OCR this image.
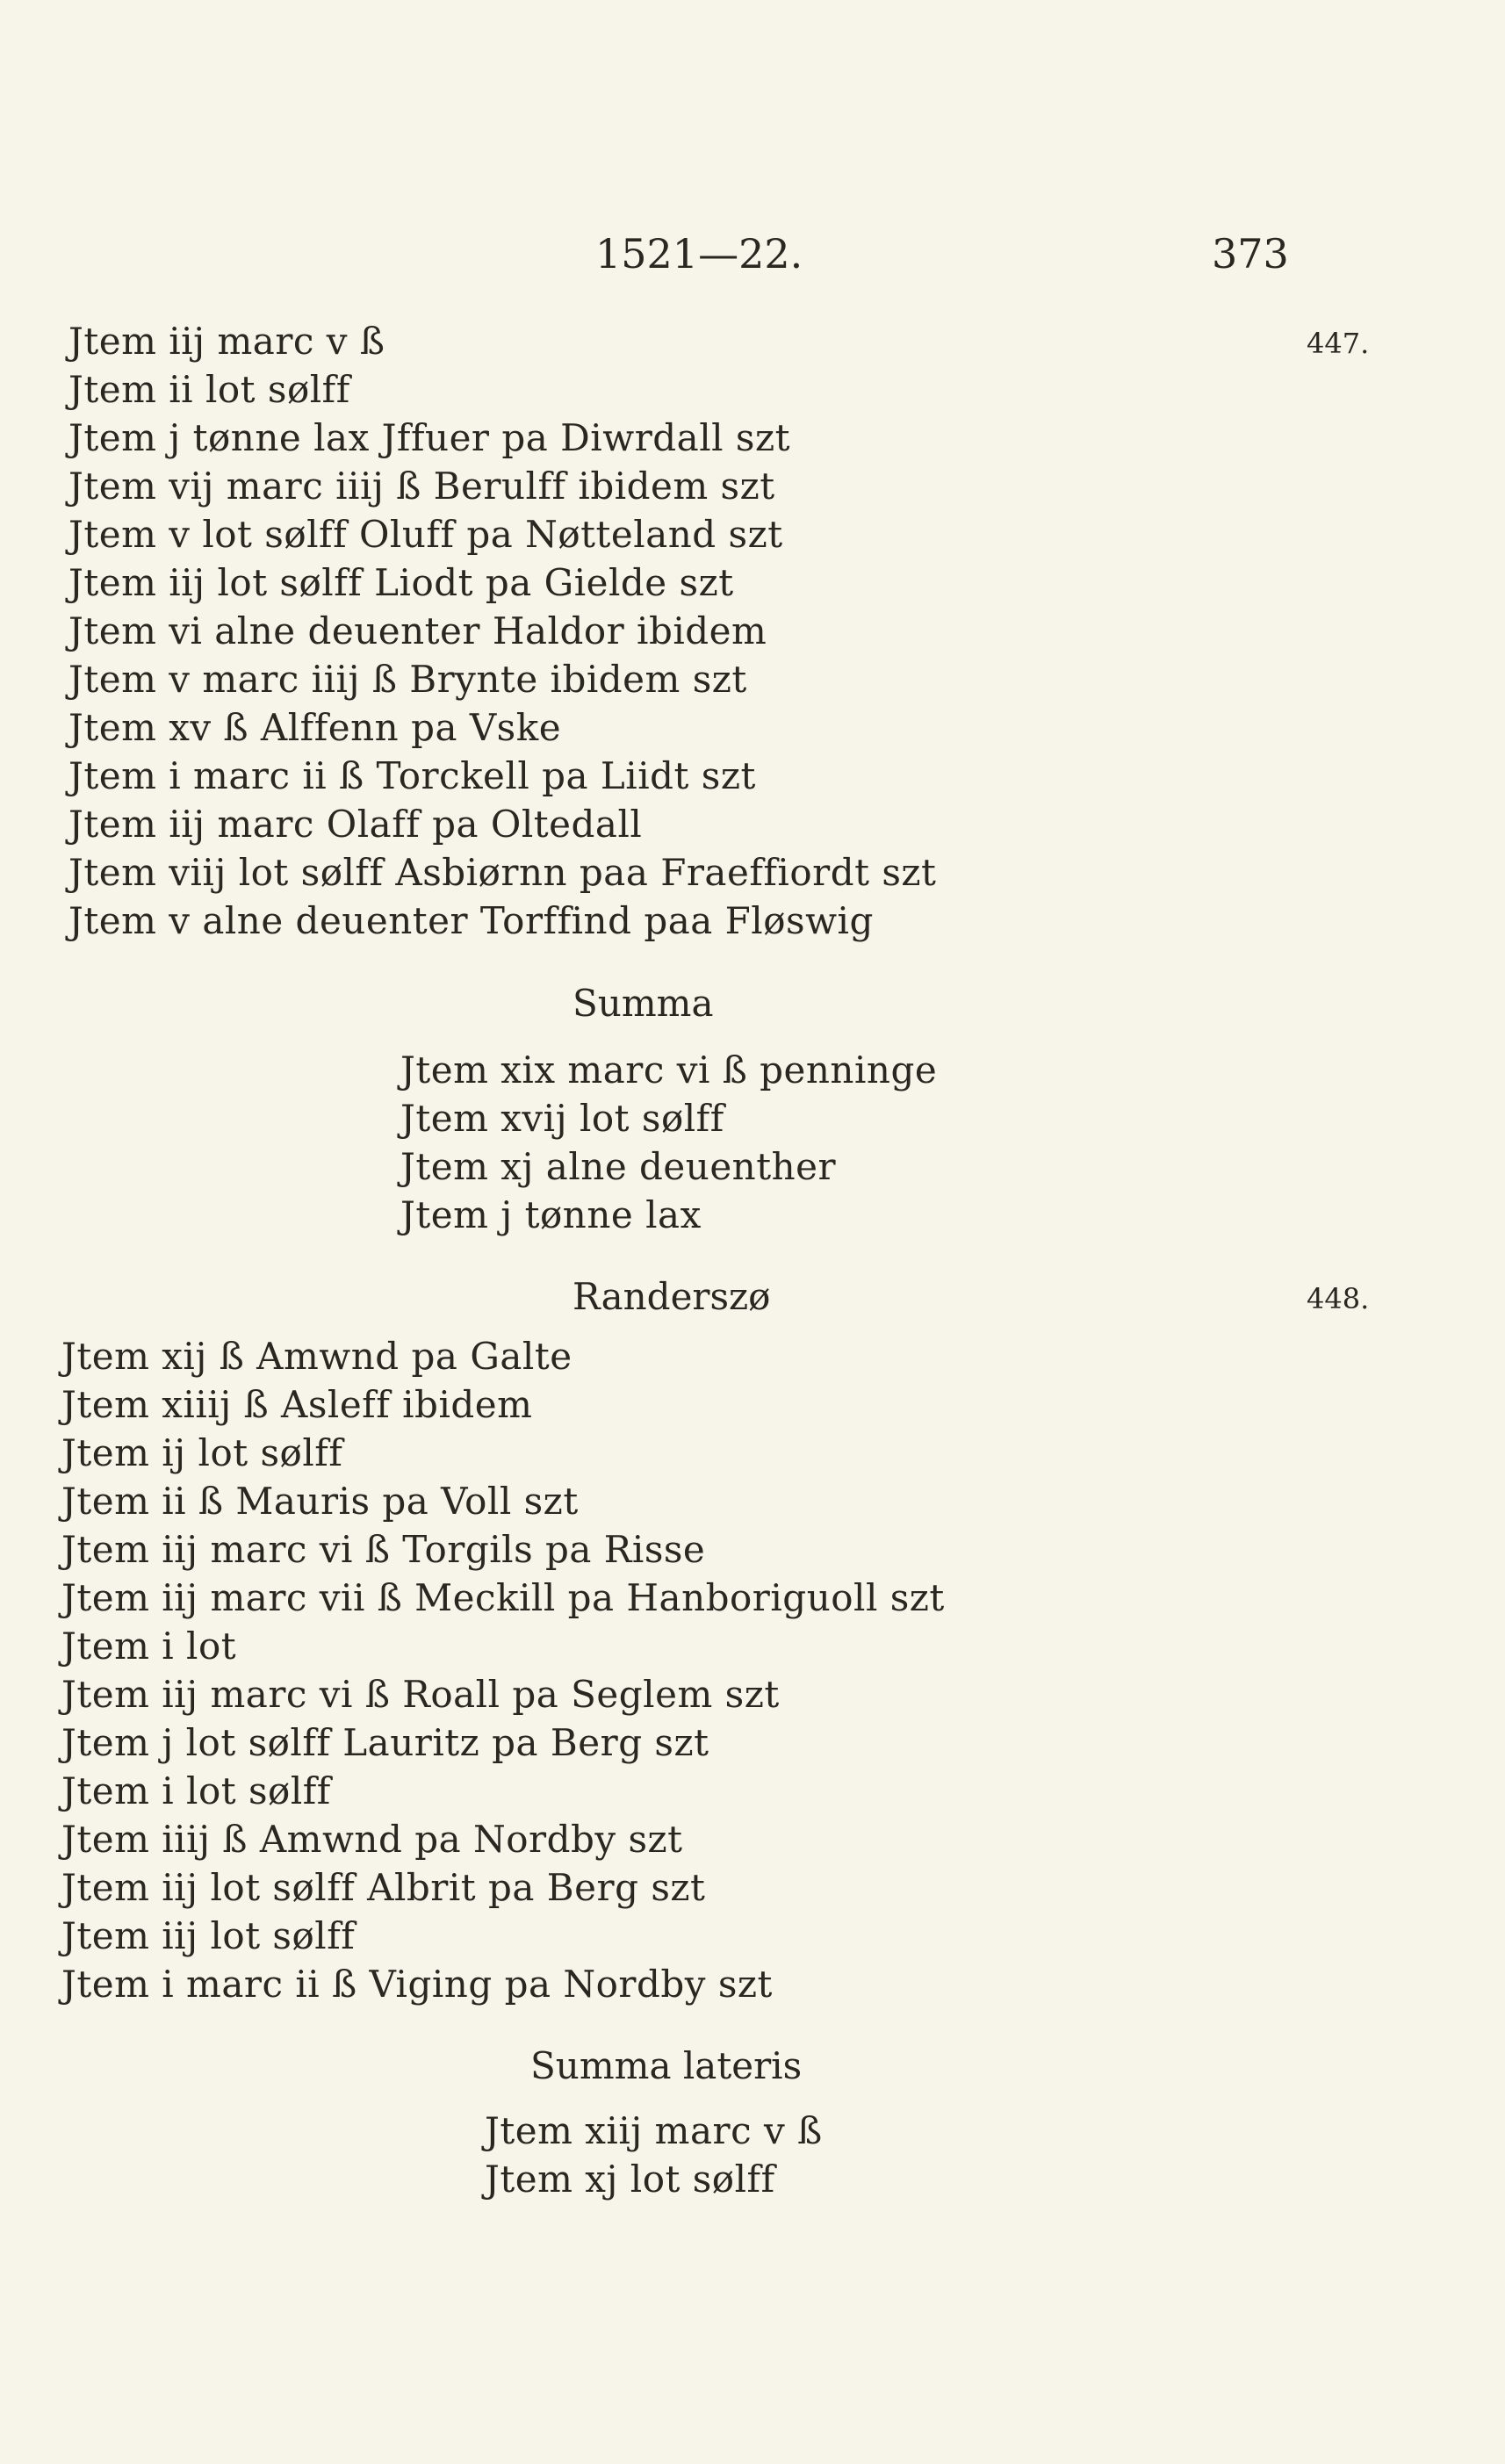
1521—22.	373
447.
448.
Jtem iij marc v ß
Jtem ii lot sølff
Jtem j tønne lax Jffuer pa Diwrdall szt
Jtem vij marc iiij ß Berulff ibidem szt
Jtem v lot sølff Oluff pa Nøtteland szt
Jtem iij lot sølff Liodt pa Gielde szt
Jtem vi alne deuenter Haldor ibidem
Jtem v marc iiij ß Brynte ibidem szt
Jtem xv ß Alffenn pa Vske
Jtem i marc ii ß Torckell pa Liidt szt
Jtem iij marc Olaff pa Oltedall
Jtem viij lot sølff Asbiørnn paa Fraeffiordt szt
Jtem v alne deuenter Torffind paa Fløswig
Summa
Jtem xix marc vi ß penninge
Jtem xvij lot sølff
Jtem xj alne deuenther
Jtem j tønne lax
Randerszø
Jtem xij ß Amwnd pa Galte
Jtem xiiij ß Asleff ibidem
Jtem ij lot sølff
Jtem ii ß Mauris pa Voll szt
Jtem iij marc vi ß Torgils pa Risse
Jtem iij marc vii ß Meckill pa Hanboriguoll szt
Jtem i lot
Jtem iij marc vi ß Roall pa Seglem szt
Jtem j lot sølff Lauritz pa Berg szt
Jtem i lot sølff
Jtem iiij ß Amwnd pa Nordby szt
Jtem iij lot sølff Albrit pa Berg szt
Jtem iij lot sølff
Jtem i marc ii ß Viging pa Nordby szt
Summa lateris
Jtem xiij marc v ß
Jtem xj lot sølff
